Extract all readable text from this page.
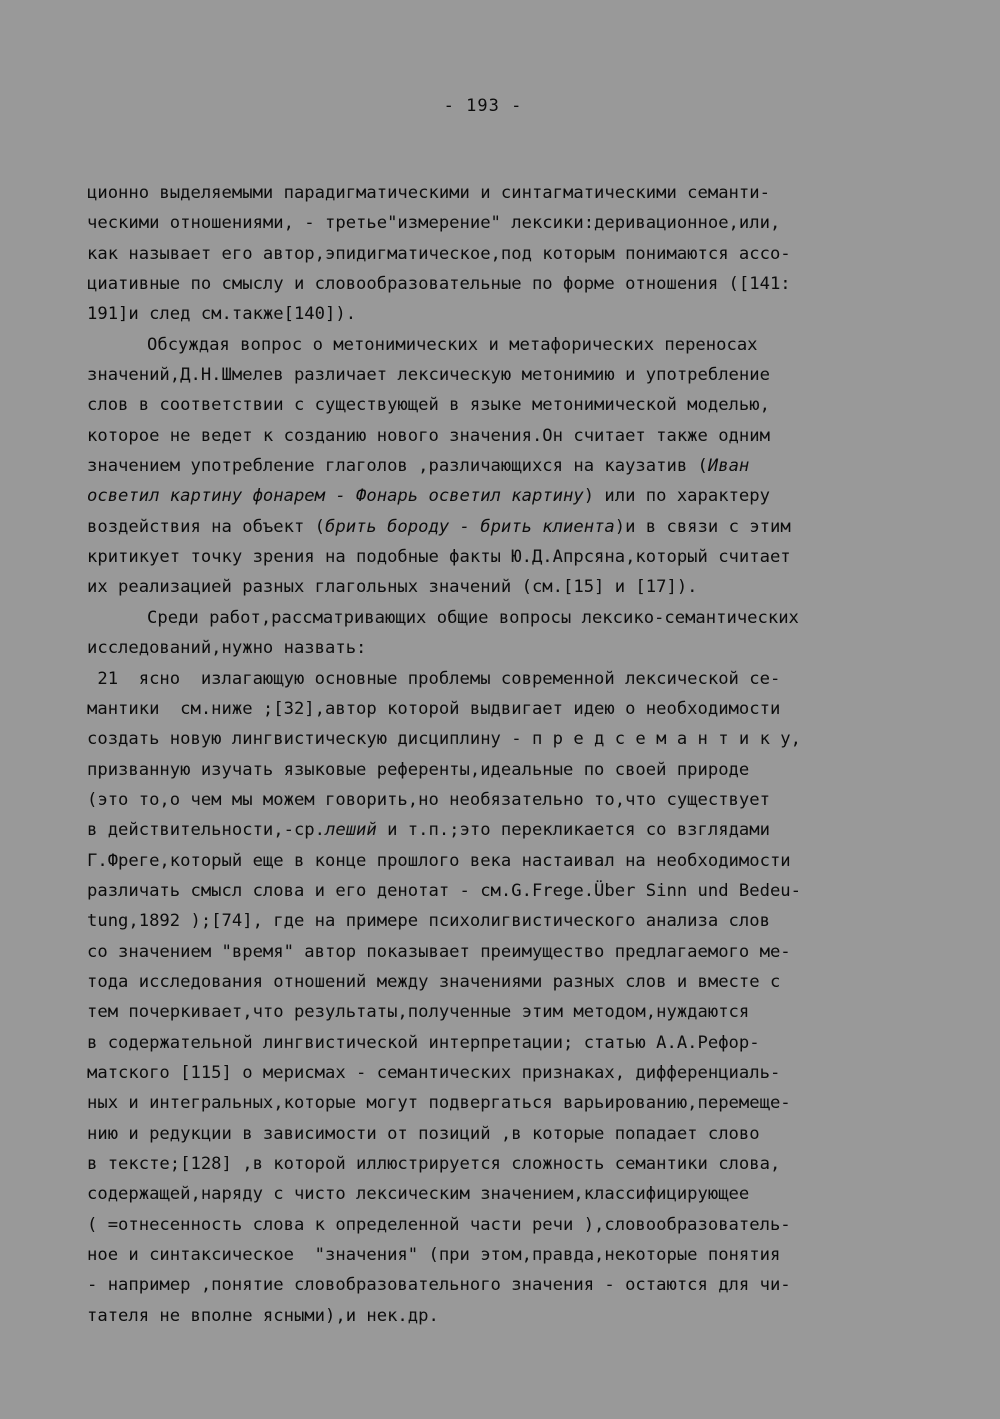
- 193 -
ционно выделяемыми парадигматическими и синтагматическими семанти-
ческими отношениями, - третье"измерение" лексики:деривационное,или,
как называет его автор,эпидигматическое,под которым понимаются ассо-
циативные по смыслу и словообразовательные по форме отношения ([141:
191]и след см.также[140]).
Обсуждая вопрос о метонимических и метафорических переносах
значений,Д.Н.Шмелев различает лексическую метонимию и употребление
слов в соответствии с существующей в языке метонимической моделью,
которое не ведет к созданию нового значения.Он считает также одним
значением употребление глаголов ,различающихся на каузатив (Иван
осветил картину фонарем - Фонарь осветил картину) или по характеру
воздействия на объект (брить бороду - брить клиента)и в связи с этим
критикует точку зрения на подобные факты Ю.Д.Апрсяна,который считает
их реализацией разных глагольных значений (см.[15] и [17]).
Среди работ,рассматривающих общие вопросы лексико-семантических
исследований,нужно назвать:
21  ясно  излагающую основные проблемы современной лексической се-
мантики  см.ниже ;[32],автор которой выдвигает идею о необходимости
создать новую лингвистическую дисциплину - п р е д с е м а н т и к у,
призванную изучать языковые референты,идеальные по своей природе
(это то,о чем мы можем говорить,но необязательно то,что существует
в действительности,-ср.леший и т.п.;это перекликается со взглядами
Г.Фреге,который еще в конце прошлого века настаивал на необходимости
различать смысл слова и его денотат - см.G.Frege.Über Sinn und Bedeu-
tung,1892 );[74], где на примере психолигвистического анализа слов
со значением "время" автор показывает преимущество предлагаемого ме-
тода исследования отношений между значениями разных слов и вместе с
тем почеркивает,что результаты,полученные этим методом,нуждаются
в содержательной лингвистической интерпретации; статью А.А.Рефор-
матского [115] о мерисмах - семантических признаках, дифференциаль-
ных и интегральных,которые могут подвергаться варьированию,перемеще-
нию и редукции в зависимости от позиций ,в которые попадает слово
в тексте;[128] ,в которой иллюстрируется сложность семантики слова,
содержащей,наряду с чисто лексическим значением,классифицирующее
( =отнесенность слова к определенной части речи ),словообразователь-
ное и синтаксическое  "значения" (при этом,правда,некоторые понятия
- например ,понятие словобразовательного значения - остаются для чи-
тателя не вполне ясными),и нек.др.
